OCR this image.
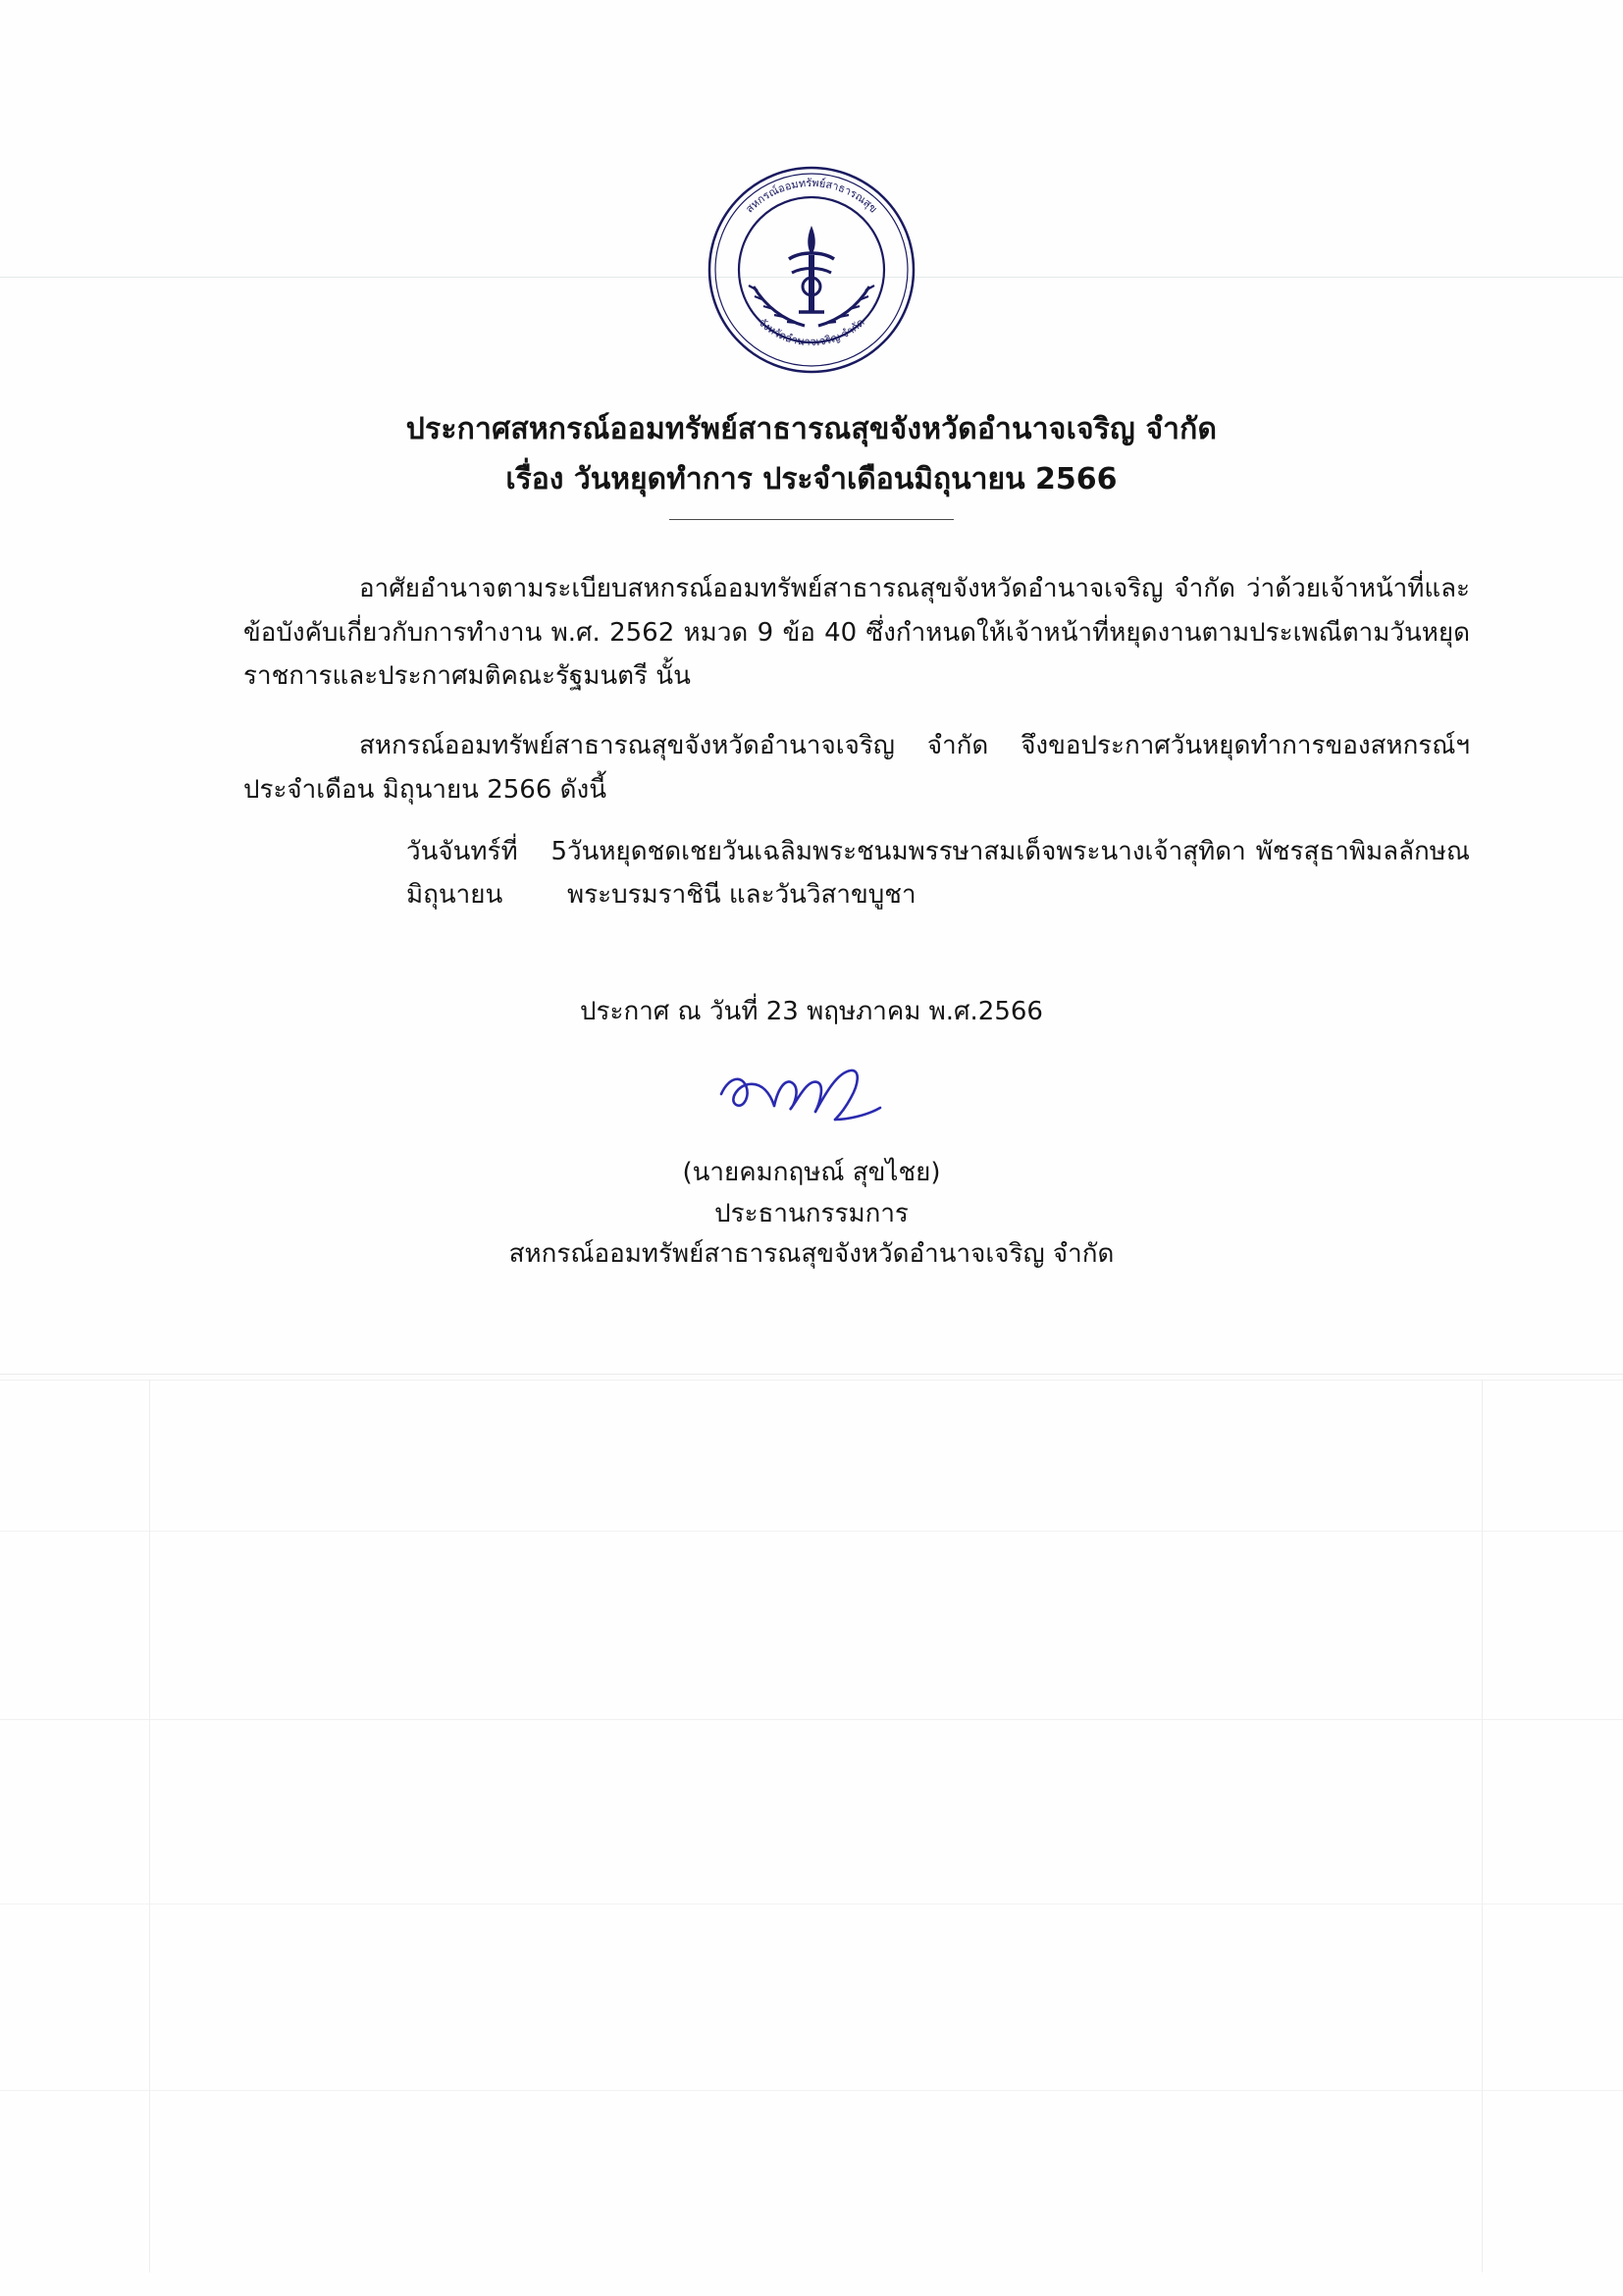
สหกรณ์ออมทรัพย์สาธารณสุข
จังหวัดอำนาจเจริญ จำกัด
ประกาศสหกรณ์ออมทรัพย์สาธารณสุขจังหวัดอำนาจเจริญ จำกัด
เรื่อง วันหยุดทำการ ประจำเดือนมิถุนายน 2566

อาศัยอำนาจตามระเบียบสหกรณ์ออมทรัพย์สาธารณสุขจังหวัดอำนาจเจริญ จำกัด ว่าด้วยเจ้าหน้าที่และข้อบังคับเกี่ยวกับการทำงาน พ.ศ. 2562 หมวด 9 ข้อ 40 ซึ่งกำหนดให้เจ้าหน้าที่หยุดงานตามประเพณีตามวันหยุดราชการและประกาศมติคณะรัฐมนตรี นั้น

สหกรณ์ออมทรัพย์สาธารณสุขจังหวัดอำนาจเจริญ จำกัด จึงขอประกาศวันหยุดทำการของสหกรณ์ฯ ประจำเดือน มิถุนายน 2566 ดังนี้

วันจันทร์ที่ 5 มิถุนายน
วันหยุดชดเชยวันเฉลิมพระชนมพรรษาสมเด็จพระนางเจ้าสุทิดา พัชรสุธาพิมลลักษณ พระบรมราชินี และวันวิสาขบูชา
ประกาศ ณ วันที่ 23 พฤษภาคม พ.ศ.2566

(นายคมกฤษณ์ สุขไชย)

ประธานกรรมการ

สหกรณ์ออมทรัพย์สาธารณสุขจังหวัดอำนาจเจริญ จำกัด
